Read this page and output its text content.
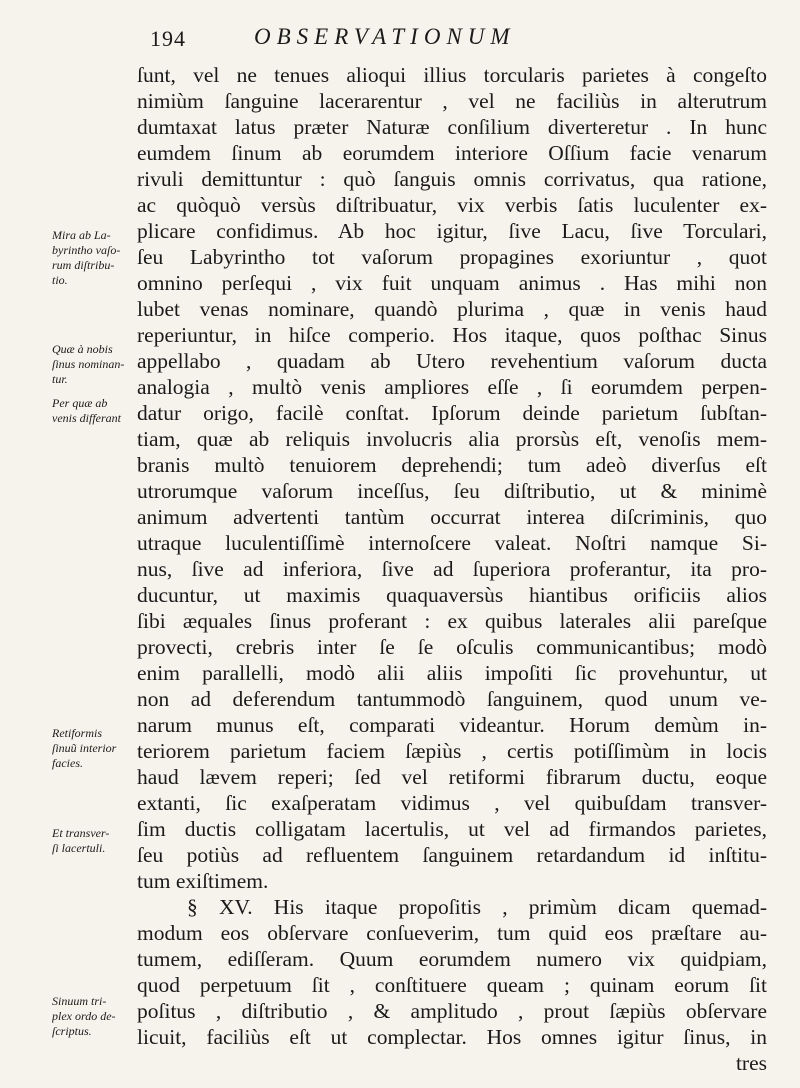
194	OBSERVATIONUM
Mira ab La-
byrintho vaſo-
rum diſtribu-
tio.
Quæ à nobis
ſinus nominan-
tur.
Per quæ ab
venis differant
Retiformis
ſinuũ interior
facies.
Et transver-
ſi lacertuli.
Sinuum tri-
plex ordo de-
ſcriptus.
ſunt, vel ne tenues alioqui illius torcularis parietes à congeſto
nimiùm ſanguine lacerarentur , vel ne faciliùs in alterutrum
dumtaxat latus præter Naturæ conſilium diverteretur . In hunc
eumdem ſinum ab eorumdem interiore Oſſium facie venarum
rivuli demittuntur : quò ſanguis omnis corrivatus, qua ratione,
ac quòquò versùs diſtribuatur, vix verbis ſatis luculenter ex-
plicare confidimus. Ab hoc igitur, ſive Lacu, ſive Torculari,
ſeu Labyrintho tot vaſorum propagines exoriuntur , quot
omnino perſequi , vix fuit unquam animus . Has mihi non
lubet venas nominare, quandò plurima , quæ in venis haud
reperiuntur, in hiſce comperio. Hos itaque, quos poſthac Sinus
appellabo , quadam ab Utero revehentium vaſorum ducta
analogia , multò venis ampliores eſſe , ſi eorumdem perpen-
datur origo, facilè conſtat. Ipſorum deinde parietum ſubſtan-
tiam, quæ ab reliquis involucris alia prorsùs eſt, venoſis mem-
branis multò tenuiorem deprehendi; tum adeò diverſus eſt
utrorumque vaſorum inceſſus, ſeu diſtributio, ut & minimè
animum advertenti tantùm occurrat interea diſcriminis, quo
utraque luculentiſſimè internoſcere valeat. Noſtri namque Si-
nus, ſive ad inferiora, ſive ad ſuperiora proferantur, ita pro-
ducuntur, ut maximis quaquaversùs hiantibus orificiis alios
ſibi æquales ſinus proferant : ex quibus laterales alii pareſque
provecti, crebris inter ſe ſe oſculis communicantibus; modò
enim parallelli, modò alii aliis impoſiti ſic provehuntur, ut
non ad deferendum tantummodò ſanguinem, quod unum ve-
narum munus eſt, comparati videantur. Horum demùm in-
teriorem parietum faciem ſæpiùs , certis potiſſimùm in locis
haud lævem reperi; ſed vel retiformi fibrarum ductu, eoque
extanti, ſic exaſperatam vidimus , vel quibuſdam transver-
ſim ductis colligatam lacertulis, ut vel ad firmandos parietes,
ſeu potiùs ad refluentem ſanguinem retardandum id inſtitu-
tum exiſtimem.
§ XV. His itaque propoſitis , primùm dicam quemad-
modum eos obſervare conſueverim, tum quid eos præſtare au-
tumem, ediſſeram. Quum eorumdem numero vix quidpiam,
quod perpetuum ſit , conſtituere queam ; quinam eorum ſit
poſitus , diſtributio , & amplitudo , prout ſæpiùs obſervare
licuit, faciliùs eſt ut complectar. Hos omnes igitur ſinus, in
tres
